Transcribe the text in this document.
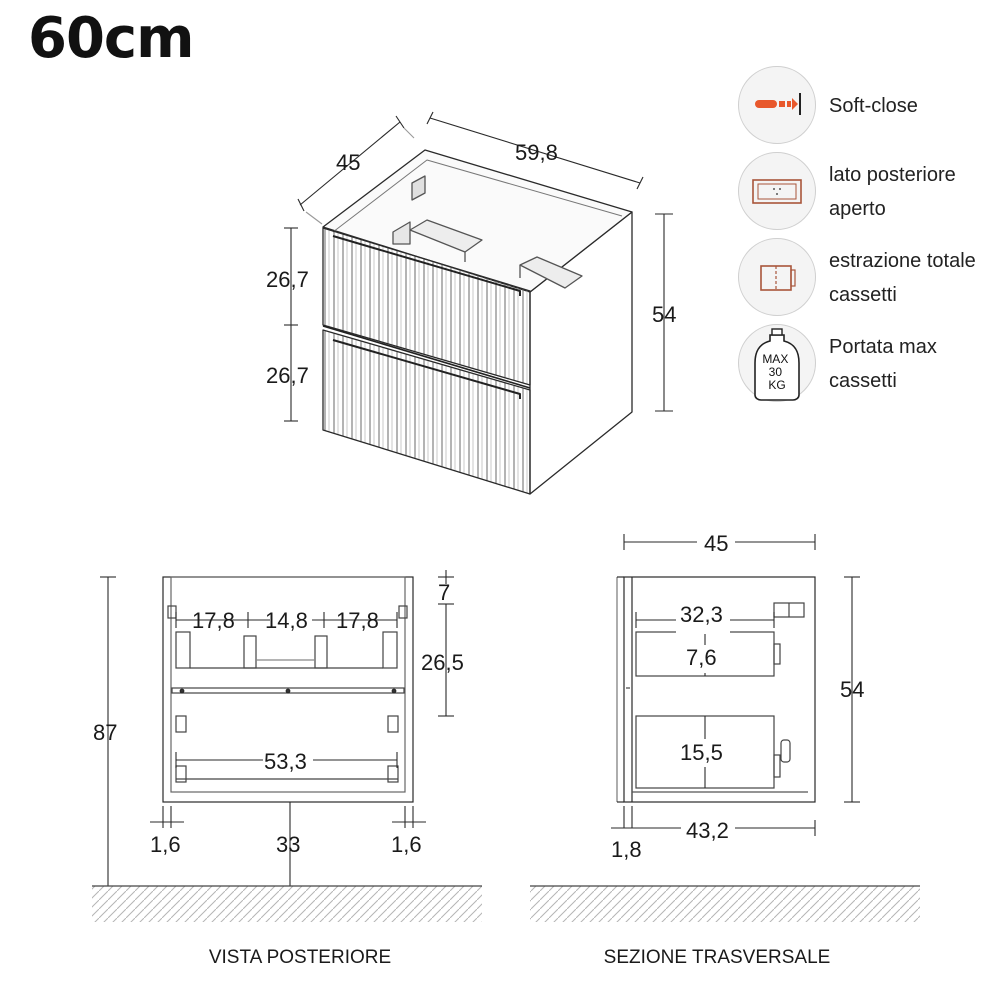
60cm
45	59,8
54
26,7
26,7
87
7
26,5
17,8 14,8 17,8
53,3
1,6	33	1,6
45
54
32,3
7,6
15,5
1,8
43,2
VISTA POSTERIORE	SEZIONE TRASVERSALE
Soft-close
lato posteriore
aperto
estrazione totale
cassetti
MAX 30 KG
Portata max
cassetti
